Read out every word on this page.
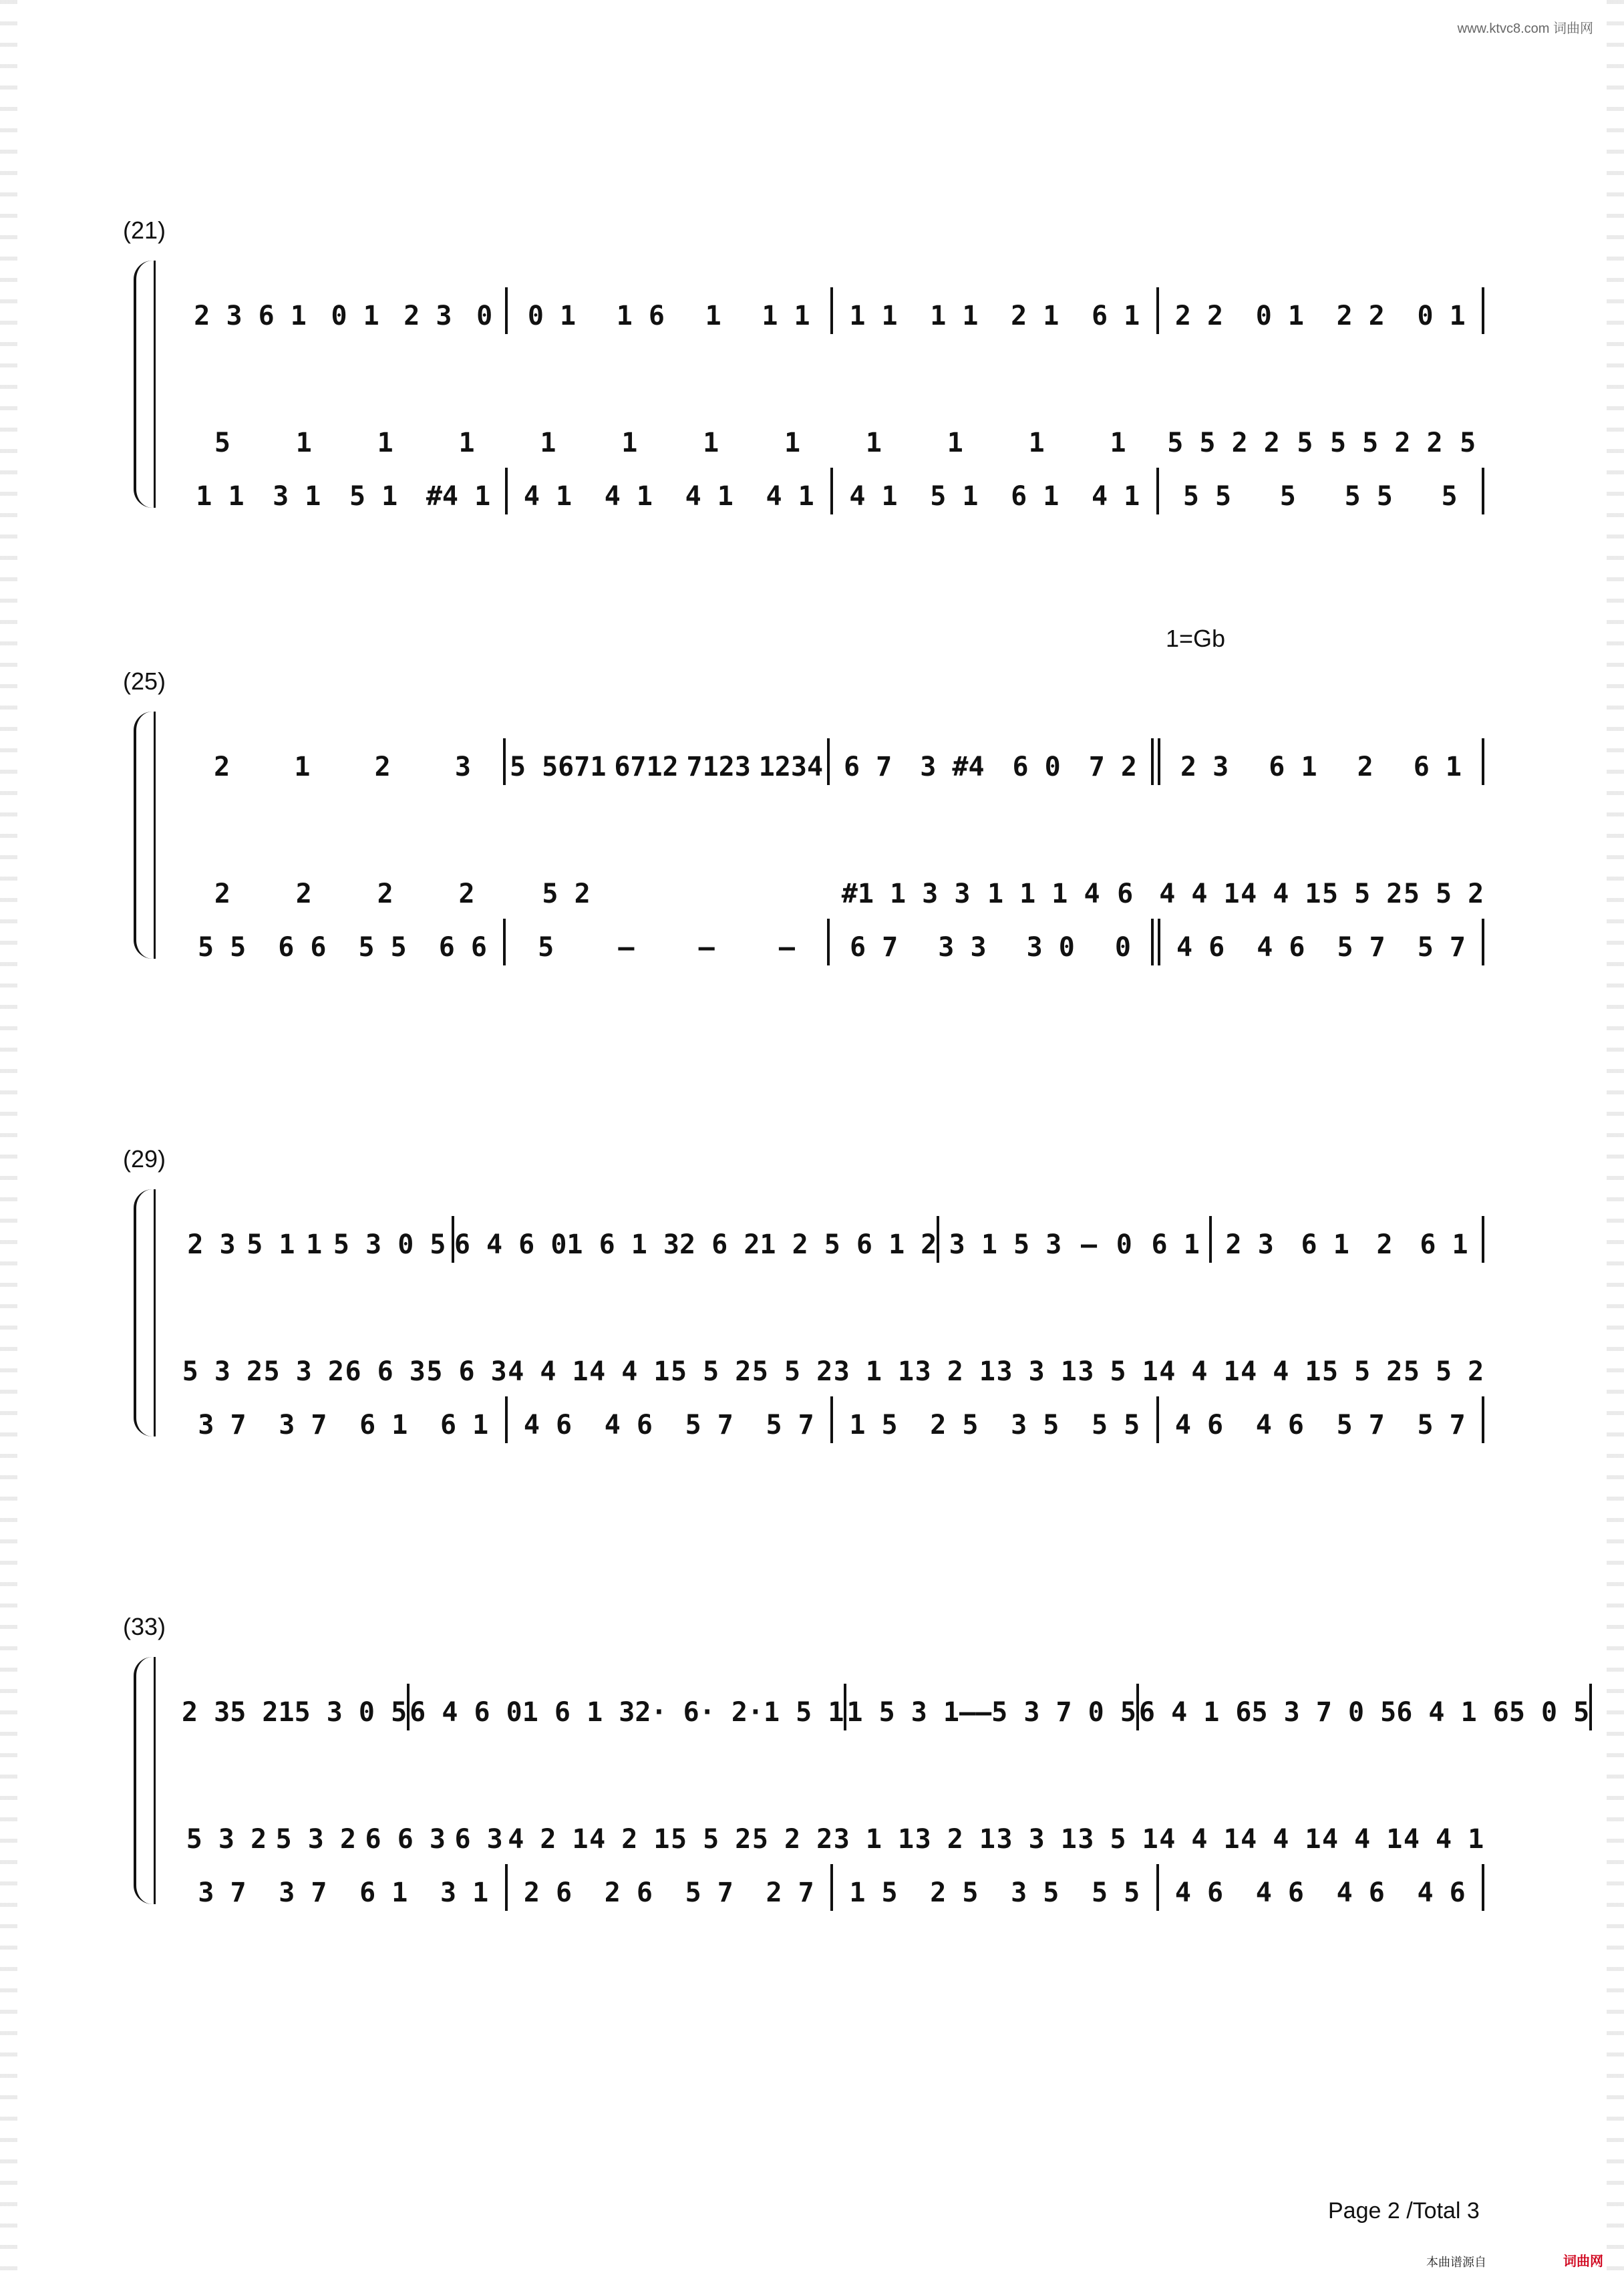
www.ktvc8.com 词曲网
1=Gb
(21)
2 3 6 1 0 1 2 3 0 0 1 1 6 1 1 1 1 1 1 1 2 1 6 1 2 2 0 1 2 2 0 1
5 1 1 1 1 1 1 1 1 1 1 1 5 5 2 2 5 5 5 2 2 5
1 1 3 1 5 1 #4 1 4 1 4 1 4 1 4 1 4 1 5 1 6 1 4 1 5 5 5 5 5 5
(25)
2 1 2 3 5 5671 6712 7123 1234 6 7 3 #4 6 0 7 2 2 3 6 1 2 6 1
2 2 2 2	5 2	#1 1 3 3 1 1 1 4 6 4 4 1 4 4 1 5 5 2 5 5 2
5 5 6 6 5 5 6 6 5 – – – 6 7 3 3 3 0 0 4 6 4 6 5 7 5 7
(29)
2 3 5 1 1 5 3 0 5 6 4 6 0 1 6 1 3 2 6 2 1 2 5 6 1 2 3 1 5 3 – 0 6 1 2 3 6 1 2 6 1
5 3 2 5 3 2 6 6 3 5 6 3 4 4 1 4 4 1 5 5 2 5 5 2 3 1 1 3 2 1 3 3 1 3 5 1 4 4 1 4 4 1 5 5 2 5 5 2
3 7 3 7 6 1 6 1 4 6 4 6 5 7 5 7 1 5 2 5 3 5 5 5 4 6 4 6 5 7 5 7
(33)
2 3 5 2 1 5 3 0 5 6 4 6 0 1 6 1 3 2· 6· 2· 1 5 1 1 5 3 1 – – 5 3 7 0 5 6 4 1 6 5 3 7 0 5 6 4 1 6 5 0 5
5 3 2 5 3 2 6 6 3 6 3 4 2 1 4 2 1 5 5 2 5 2 2 3 1 1 3 2 1 3 3 1 3 5 1 4 4 1 4 4 1 4 4 1 4 4 1
3 7 3 7 6 1 3 1 2 6 2 6 5 7 2 7 1 5 2 5 3 5 5 5 4 6 4 6 4 6 4 6
Page 2 /Total 3
本曲谱源自	词曲网
